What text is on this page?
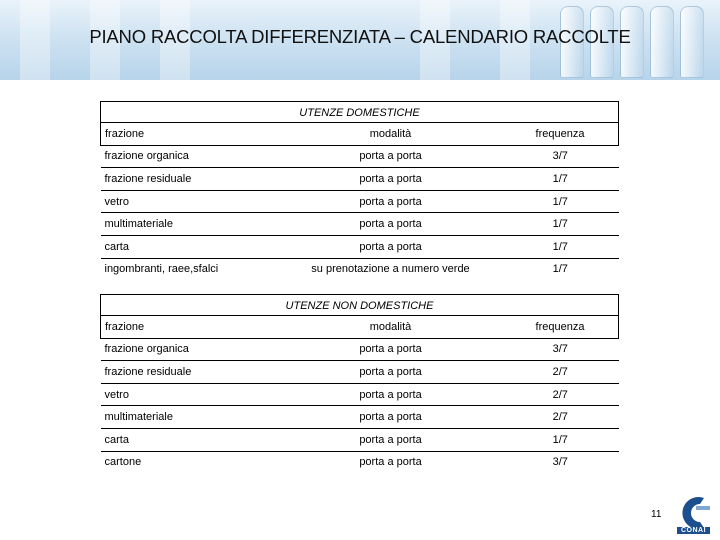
PIANO RACCOLTA DIFFERENZIATA – CALENDARIO RACCOLTE
UTENZE DOMESTICHE
frazione	modalità	frequenza
frazione organica	porta a porta	3/7
frazione residuale	porta a porta	1/7
vetro	porta a porta	1/7
multimateriale	porta a porta	1/7
carta	porta a porta	1/7
ingombranti, raee,sfalci	su prenotazione a numero verde	1/7
UTENZE NON DOMESTICHE
frazione	modalità	frequenza
frazione organica	porta a porta	3/7
frazione residuale	porta a porta	2/7
vetro	porta a porta	2/7
multimateriale	porta a porta	2/7
carta	porta a porta	1/7
cartone	porta a porta	3/7
11
CONAI
